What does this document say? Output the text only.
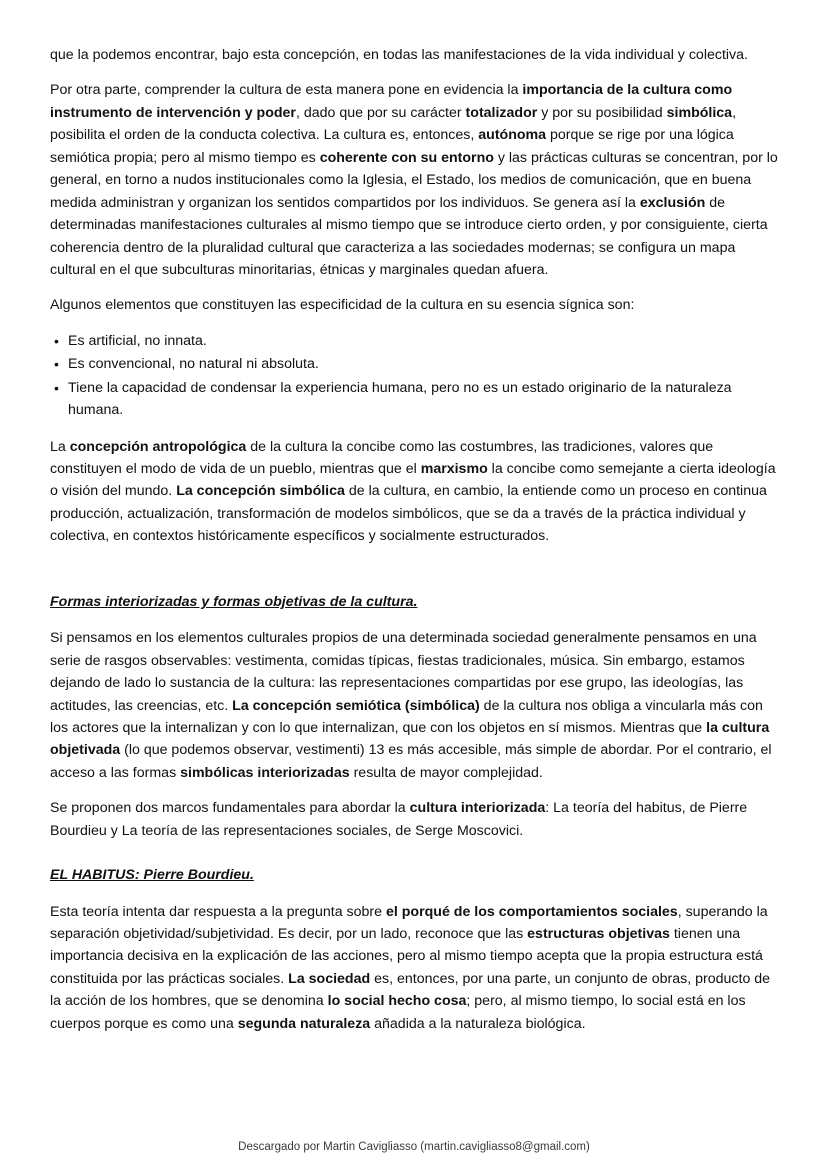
que la podemos encontrar, bajo esta concepción, en todas las manifestaciones de la vida individual y colectiva.

Por otra parte, comprender la cultura de esta manera pone en evidencia la importancia de la cultura como instrumento de intervención y poder, dado que por su carácter totalizador y por su posibilidad simbólica, posibilita el orden de la conducta colectiva. La cultura es, entonces, autónoma porque se rige por una lógica semiótica propia; pero al mismo tiempo es coherente con su entorno y las prácticas culturas se concentran, por lo general, en torno a nudos institucionales como la Iglesia, el Estado, los medios de comunicación, que en buena medida administran y organizan los sentidos compartidos por los individuos. Se genera así la exclusión de determinadas manifestaciones culturales al mismo tiempo que se introduce cierto orden, y por consiguiente, cierta coherencia dentro de la pluralidad cultural que caracteriza a las sociedades modernas; se configura un mapa cultural en el que subculturas minoritarias, étnicas y marginales quedan afuera.

Algunos elementos que constituyen las especificidad de la cultura en su esencia sígnica son:

• Es artificial, no innata.
• Es convencional, no natural ni absoluta.
• Tiene la capacidad de condensar la experiencia humana, pero no es un estado originario de la naturaleza humana.

La concepción antropológica de la cultura la concibe como las costumbres, las tradiciones, valores que constituyen el modo de vida de un pueblo, mientras que el marxismo la concibe como semejante a cierta ideología o visión del mundo. La concepción simbólica de la cultura, en cambio, la entiende como un proceso en continua producción, actualización, transformación de modelos simbólicos, que se da a través de la práctica individual y colectiva, en contextos históricamente específicos y socialmente estructurados.

Formas interiorizadas y formas objetivas de la cultura.

Si pensamos en los elementos culturales propios de una determinada sociedad generalmente pensamos en una serie de rasgos observables: vestimenta, comidas típicas, fiestas tradicionales, música. Sin embargo, estamos dejando de lado lo sustancia de la cultura: las representaciones compartidas por ese grupo, las ideologías, las actitudes, las creencias, etc. La concepción semiótica (simbólica) de la cultura nos obliga a vincularla más con los actores que la internalizan y con lo que internalizan, que con los objetos en sí mismos. Mientras que la cultura objetivada (lo que podemos observar, vestimenti) 13 es más accesible, más simple de abordar. Por el contrario, el acceso a las formas simbólicas interiorizadas resulta de mayor complejidad.

Se proponen dos marcos fundamentales para abordar la cultura interiorizada: La teoría del habitus, de Pierre Bourdieu y La teoría de las representaciones sociales, de Serge Moscovici.

EL HABITUS: Pierre Bourdieu.

Esta teoría intenta dar respuesta a la pregunta sobre el porqué de los comportamientos sociales, superando la separación objetividad/subjetividad. Es decir, por un lado, reconoce que las estructuras objetivas tienen una importancia decisiva en la explicación de las acciones, pero al mismo tiempo acepta que la propia estructura está constituida por las prácticas sociales. La sociedad es, entonces, por una parte, un conjunto de obras, producto de la acción de los hombres, que se denomina lo social hecho cosa; pero, al mismo tiempo, lo social está en los cuerpos porque es como una segunda naturaleza añadida a la naturaleza biológica.

Descargado por Martin Cavigliasso (martin.cavigliasso8@gmail.com)
